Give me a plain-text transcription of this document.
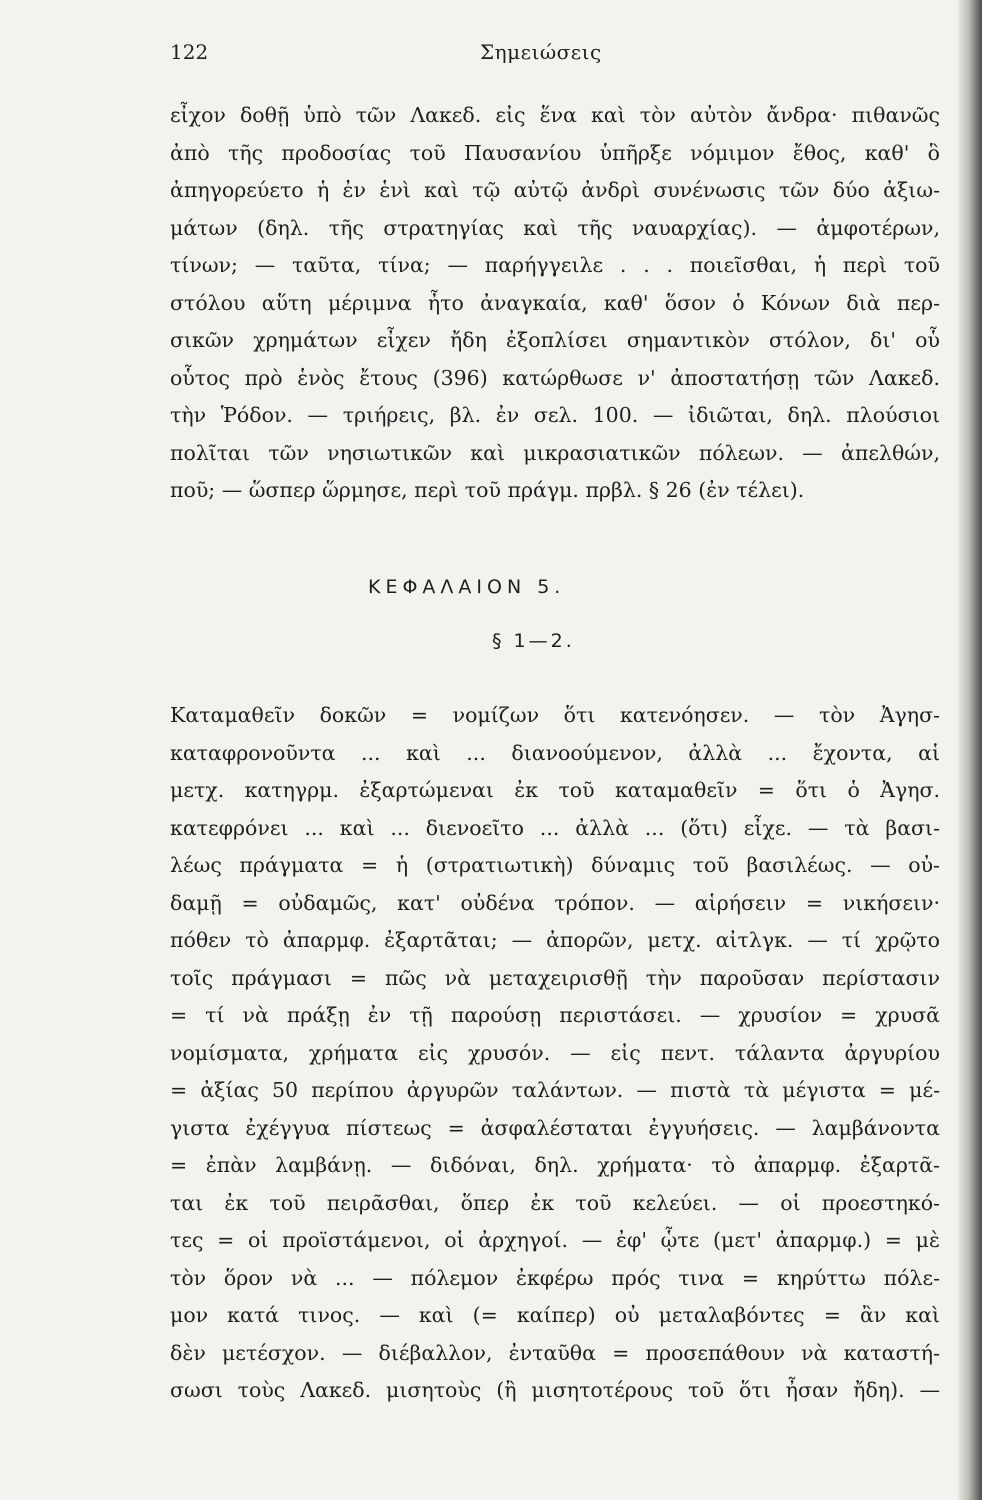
122	Σημειώσεις
εἶχον δοθῇ ὑπὸ τῶν Λακεδ. εἰς ἕνα καὶ τὸν αὐτὸν ἄνδρα· πιθανῶς
ἀπὸ τῆς προδοσίας τοῦ Παυσανίου ὑπῆρξε νόμιμον ἔθος, καθ' ὃ
ἀπηγορεύετο ἡ ἐν ἑνὶ καὶ τῷ αὐτῷ ἀνδρὶ συνένωσις τῶν δύο ἀξιω-
μάτων (δηλ. τῆς στρατηγίας καὶ τῆς ναυαρχίας). — ἀμφοτέρων,
τίνων; — ταῦτα, τίνα; — παρήγγειλε . . . ποιεῖσθαι, ἡ περὶ τοῦ
στόλου αὕτη μέριμνα ἦτο ἀναγκαία, καθ' ὅσον ὁ Κόνων διὰ περ-
σικῶν χρημάτων εἶχεν ἤδη ἐξοπλίσει σημαντικὸν στόλον, δι' οὗ
οὗτος πρὸ ἑνὸς ἔτους (396) κατώρθωσε ν' ἀποστατήσῃ τῶν Λακεδ.
τὴν Ῥόδον. — τριήρεις, βλ. ἐν σελ. 100. — ἰδιῶται, δηλ. πλούσιοι
πολῖται τῶν νησιωτικῶν καὶ μικρασιατικῶν πόλεων. — ἀπελθών,
ποῦ; — ὥσπερ ὥρμησε, περὶ τοῦ πράγμ. πρβλ. § 26 (ἐν τέλει).
ΚΕΦΑΛΑΙΟΝ 5.
§ 1—2.
Καταμαθεῖν δοκῶν = νομίζων ὅτι κατενόησεν. — τὸν Ἀγησ-
καταφρονοῦντα ... καὶ ... διανοούμενον, ἀλλὰ ... ἔχοντα, αἱ
μετχ. κατηγρμ. ἐξαρτώμεναι ἐκ τοῦ καταμαθεῖν = ὅτι ὁ Ἀγησ.
κατεφρόνει ... καὶ ... διενοεῖτο ... ἀλλὰ ... (ὅτι) εἶχε. — τὰ βασι-
λέως πράγματα = ἡ (στρατιωτικὴ) δύναμις τοῦ βασιλέως. — οὐ-
δαμῇ = οὐδαμῶς, κατ' οὐδένα τρόπον. — αἱρήσειν = νικήσειν·
πόθεν τὸ ἀπαρμφ. ἐξαρτᾶται; — ἀπορῶν, μετχ. αἰτλγκ. — τί χρῷτο
τοῖς πράγμασι = πῶς νὰ μεταχειρισθῇ τὴν παροῦσαν περίστασιν
= τί νὰ πράξῃ ἐν τῇ παρούσῃ περιστάσει. — χρυσίον = χρυσᾶ
νομίσματα, χρήματα εἰς χρυσόν. — εἰς πεντ. τάλαντα ἀργυρίου
= ἀξίας 50 περίπου ἀργυρῶν ταλάντων. — πιστὰ τὰ μέγιστα = μέ-
γιστα ἐχέγγυα πίστεως = ἀσφαλέσταται ἐγγυήσεις. — λαμβάνοντα
= ἐπὰν λαμβάνῃ. — διδόναι, δηλ. χρήματα· τὸ ἀπαρμφ. ἐξαρτᾶ-
ται ἐκ τοῦ πειρᾶσθαι, ὅπερ ἐκ τοῦ κελεύει. — οἱ προεστηκό-
τες = οἱ προϊστάμενοι, οἱ ἀρχηγοί. — ἐφ' ᾧτε (μετ' ἀπαρμφ.) = μὲ
τὸν ὅρον νὰ ... — πόλεμον ἐκφέρω πρός τινα = κηρύττω πόλε-
μον κατά τινος. — καὶ (= καίπερ) οὐ μεταλαβόντες = ἂν καὶ
δὲν μετέσχον. — διέβαλλον, ἐνταῦθα = προσεπάθουν νὰ καταστή-
σωσι τοὺς Λακεδ. μισητοὺς (ἢ μισητοτέρους τοῦ ὅτι ἦσαν ἤδη). —
